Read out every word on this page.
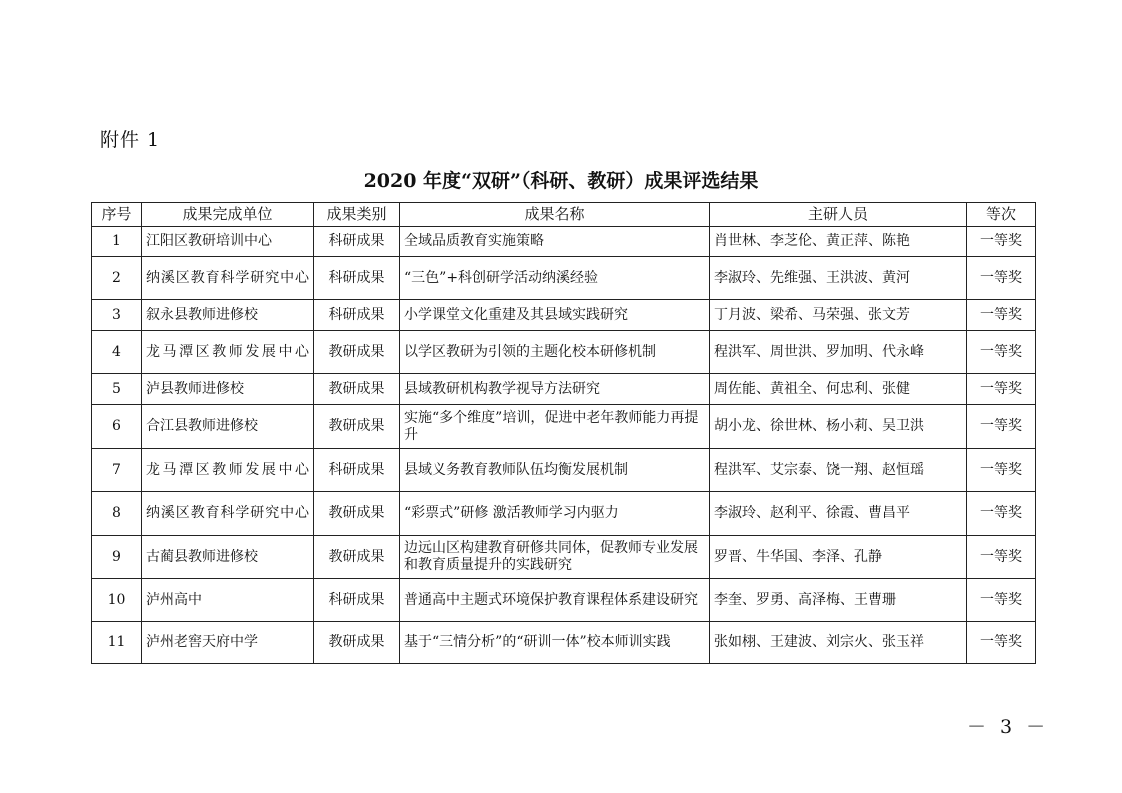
附件 1
2020 年度“双研”（科研、教研）成果评选结果
序号	成果完成单位	成果类别	成果名称	主研人员	等次
1	江阳区教研培训中心	科研成果	全域品质教育实施策略	肖世林、李芝伦、黄正萍、陈艳	一等奖
2	纳溪区教育科学研究中心	科研成果	“三色”+科创研学活动纳溪经验	李淑玲、先维强、王洪波、黄河	一等奖
3	叙永县教师进修校	科研成果	小学课堂文化重建及其县域实践研究	丁月波、梁希、马荣强、张文芳	一等奖
4	龙马潭区教师发展中心	教研成果	以学区教研为引领的主题化校本研修机制	程洪军、周世洪、罗加明、代永峰	一等奖
5	泸县教师进修校	教研成果	县域教研机构教学视导方法研究	周佐能、黄祖全、何忠利、张健	一等奖
6	合江县教师进修校	教研成果	实施“多个维度”培训，促进中老年教师能力再提升	胡小龙、徐世林、杨小莉、吴卫洪	一等奖
7	龙马潭区教师发展中心	科研成果	县域义务教育教师队伍均衡发展机制	程洪军、艾宗泰、饶一翔、赵恒瑶	一等奖
8	纳溪区教育科学研究中心	教研成果	“彩票式”研修 激活教师学习内驱力	李淑玲、赵利平、徐霞、曹昌平	一等奖
9	古蔺县教师进修校	教研成果	边远山区构建教育研修共同体，促教师专业发展和教育质量提升的实践研究	罗晋、牛华国、李泽、孔静	一等奖
10	泸州高中	科研成果	普通高中主题式环境保护教育课程体系建设研究	李奎、罗勇、高泽梅、王曹珊	一等奖
11	泸州老窖天府中学	教研成果	基于“三情分析”的“研训一体”校本师训实践	张如栩、王建波、刘宗火、张玉祥	一等奖
－ 3 －
